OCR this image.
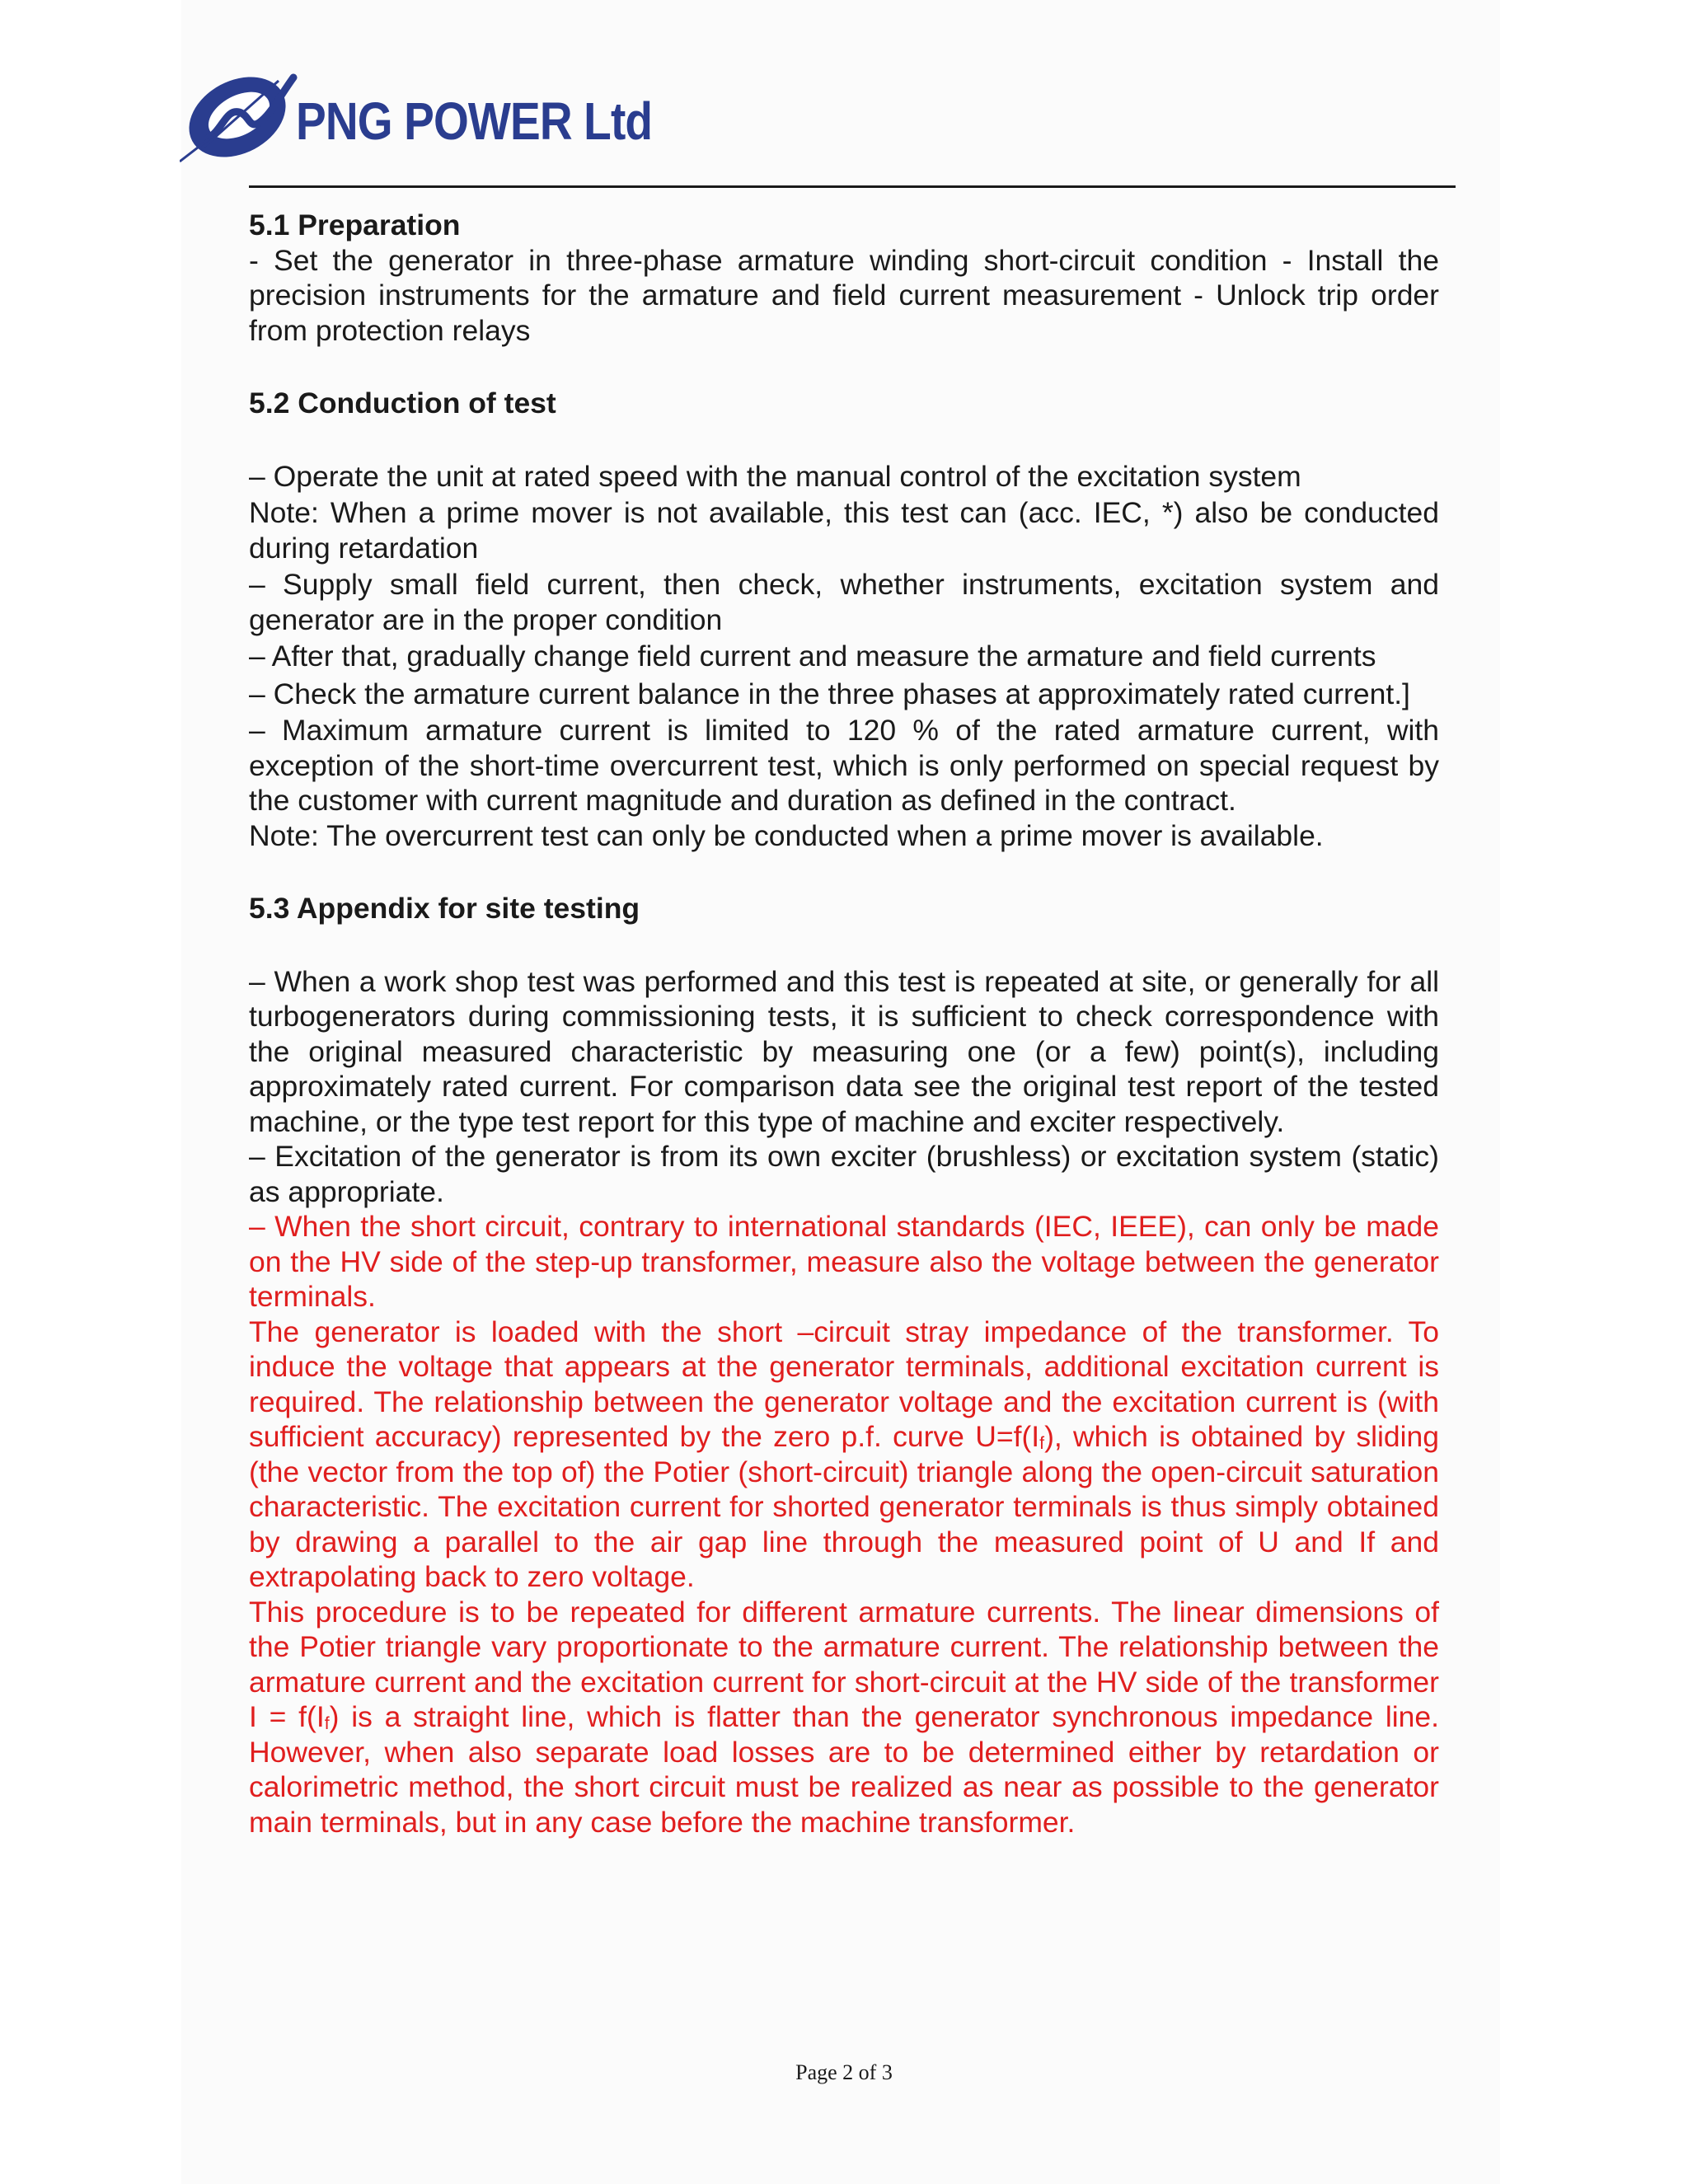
PNG POWER Ltd
5.1 Preparation

- Set the generator in three-phase armature winding short-circuit condition - Install the precision instruments for the armature and field current measurement - Unlock trip order from protection relays

5.2 Conduction of test

– Operate the unit at rated speed with the manual control of the excitation system

Note: When a prime mover is not available, this test can (acc. IEC, *) also be conducted during retardation

– Supply small field current, then check, whether instruments, excitation system and generator are in the proper condition

– After that, gradually change field current and measure the armature and field currents

– Check the armature current balance in the three phases at approximately rated current.]

– Maximum armature current is limited to 120 % of the rated armature current, with exception of the short-time overcurrent test, which is only performed on special request by the customer with current magnitude and duration as defined in the contract.

Note: The overcurrent test can only be conducted when a prime mover is available.

5.3 Appendix for site testing

– When a work shop test was performed and this test is repeated at site, or generally for all turbogenerators during commissioning tests, it is sufficient to check correspondence with the original measured characteristic by measuring one (or a few) point(s), including approximately rated current. For comparison data see the original test report of the tested machine, or the type test report for this type of machine and exciter respectively.

– Excitation of the generator is from its own exciter (brushless) or excitation system (static) as appropriate.

– When the short circuit, contrary to international standards (IEC, IEEE), can only be made on the HV side of the step-up transformer, measure also the voltage between the generator terminals.

The generator is loaded with the short –circuit stray impedance of the transformer. To induce the voltage that appears at the generator terminals, additional excitation current is required. The relationship between the generator voltage and the excitation current is (with sufficient accuracy) represented by the zero p.f. curve $U=f(I_f)$, which is obtained by sliding (the vector from the top of) the Potier (short-circuit) triangle along the open-circuit saturation characteristic. The excitation current for shorted generator terminals is thus simply obtained by drawing a parallel to the air gap line through the measured point of U and If and extrapolating back to zero voltage.

This procedure is to be repeated for different armature currents. The linear dimensions of the Potier triangle vary proportionate to the armature current. The relationship between the armature current and the excitation current for short-circuit at the HV side of the transformer $I = f(I_f)$ is a straight line, which is flatter than the generator synchronous impedance line. However, when also separate load losses are to be determined either by retardation or calorimetric method, the short circuit must be realized as near as possible to the generator main terminals, but in any case before the machine transformer.

Page 2 of 3
